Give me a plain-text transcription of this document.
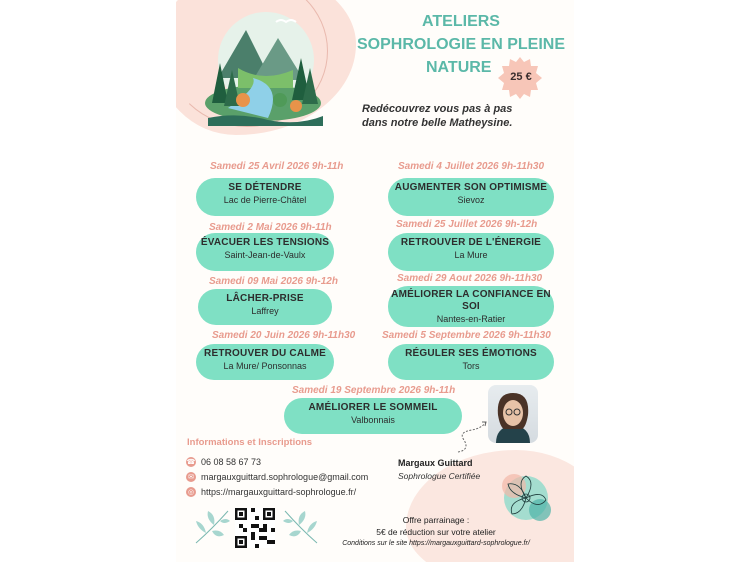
ATELIERS
SOPHROLOGIE EN PLEINE
NATURE
25 €
Redécouvrez vous pas à pas
dans notre belle Matheysine.
Samedi 25 Avril 2026 9h-11h
SE DÉTENDRE
Lac de Pierre-Châtel
Samedi 2 Mai 2026 9h-11h
ÉVACUER LES TENSIONS
Saint-Jean-de-Vaulx
Samedi 09 Mai 2026 9h-12h
LÂCHER-PRISE
Laffrey
Samedi 20 Juin 2026 9h-11h30
RETROUVER DU CALME
La Mure/ Ponsonnas
Samedi 4 Juillet 2026 9h-11h30
AUGMENTER SON OPTIMISME
Sievoz
Samedi 25 Juillet 2026 9h-12h
RETROUVER DE L'ÉNERGIE
La Mure
Samedi 29 Aout 2026 9h-11h30
AMÉLIORER LA CONFIANCE EN
SOI
Nantes-en-Ratier
Samedi 5 Septembre 2026 9h-11h30
RÉGULER SES ÉMOTIONS
Tors
Samedi 19 Septembre 2026 9h-11h
AMÉLIORER LE SOMMEIL
Valbonnais
Informations et Inscriptions
☎ 06 08 58 67 73
✉ margauxguittard.sophrologue@gmail.com
◎ https://margauxguittard-sophrologue.fr/
Margaux Guittard
Sophrologue Certifiée
Offre parrainage :
5€ de réduction sur votre atelier
Conditions sur le site https://margauxguittard-sophrologue.fr/
